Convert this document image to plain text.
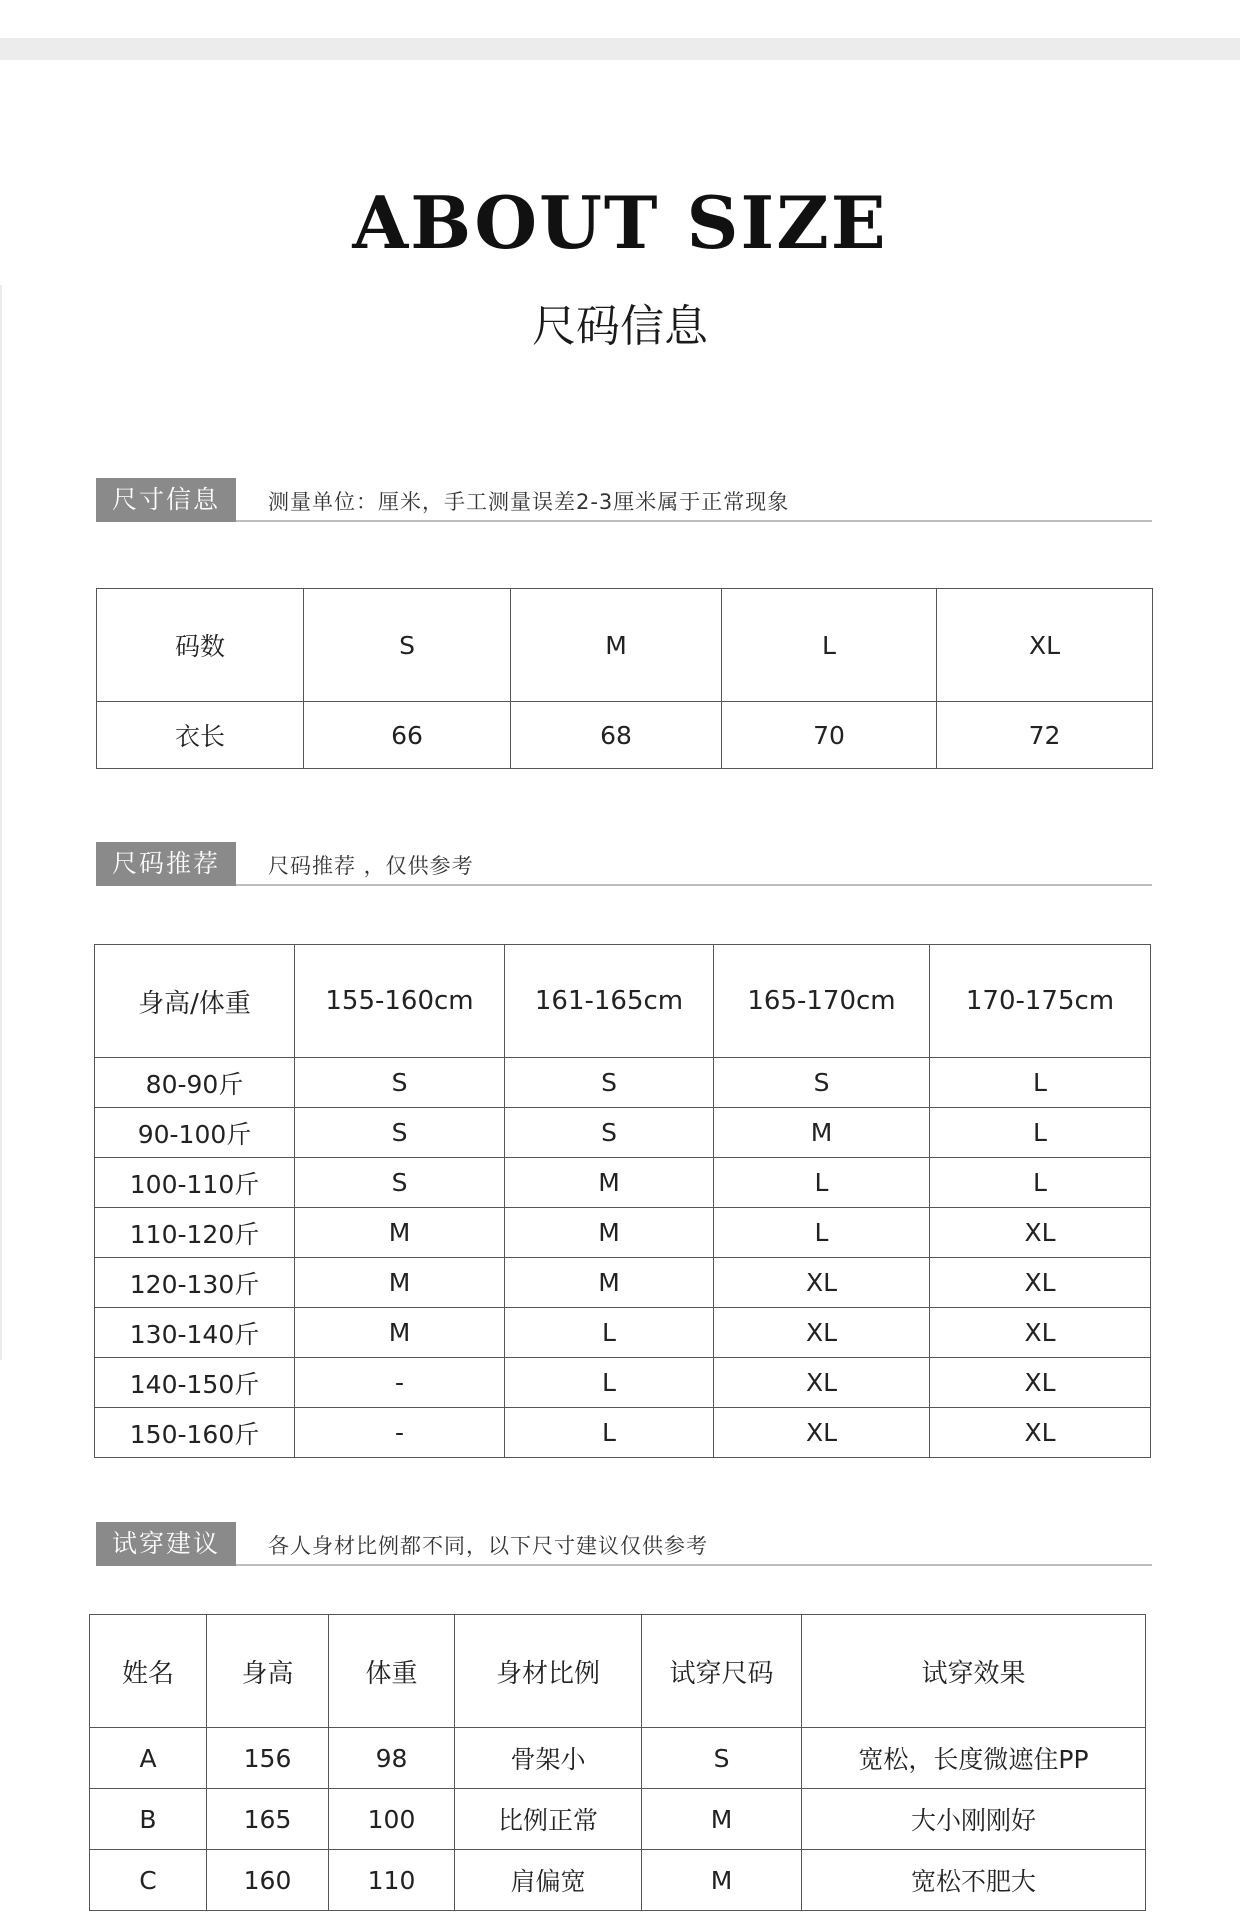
ABOUT SIZE
尺码信息
尺寸信息	测量单位：厘米，手工测量误差2-3厘米属于正常现象
码数	S	M	L	XL
衣长	66	68	70	72
尺码推荐	尺码推荐 ，仅供参考
身高/体重	155-160cm	161-165cm	165-170cm	170-175cm
80-90斤	S	S	S	L
90-100斤	S	S	M	L
100-110斤	S	M	L	L
110-120斤	M	M	L	XL
120-130斤	M	M	XL	XL
130-140斤	M	L	XL	XL
140-150斤	-	L	XL	XL
150-160斤	-	L	XL	XL
试穿建议	各人身材比例都不同，以下尺寸建议仅供参考
姓名	身高	体重	身材比例	试穿尺码	试穿效果
A	156	98	骨架小	S	宽松，长度微遮住PP
B	165	100	比例正常	M	大小刚刚好
C	160	110	肩偏宽	M	宽松不肥大
